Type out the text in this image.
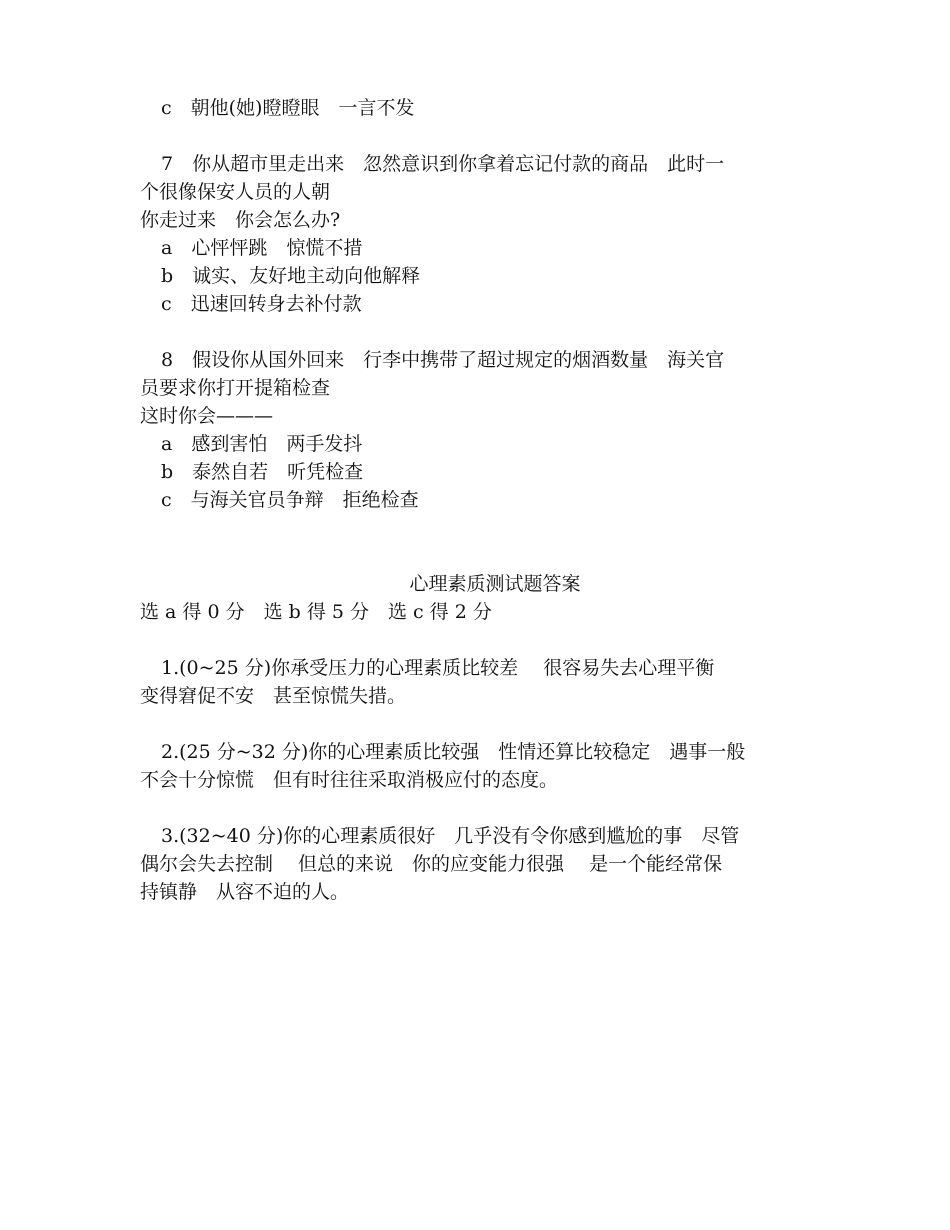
c　朝他(她)瞪瞪眼　一言不发
7　你从超市里走出来　忽然意识到你拿着忘记付款的商品　此时一
个很像保安人员的人朝
你走过来　你会怎么办?
a　心怦怦跳　惊慌不措
b　诚实、友好地主动向他解释
c　迅速回转身去补付款
8　假设你从国外回来　行李中携带了超过规定的烟酒数量　海关官
员要求你打开提箱检查
这时你会———
a　感到害怕　两手发抖
b　泰然自若　听凭检查
c　与海关官员争辩　拒绝检查
心理素质测试题答案
选 a 得 0 分　选 b 得 5 分　选 c 得 2 分
1.(0~25 分)你承受压力的心理素质比较差　 很容易失去心理平衡
变得窘促不安　甚至惊慌失措。
2.(25 分~32 分)你的心理素质比较强　性情还算比较稳定　遇事一般
不会十分惊慌　但有时往往采取消极应付的态度。
3.(32~40 分)你的心理素质很好　几乎没有令你感到尴尬的事　尽管
偶尔会失去控制　 但总的来说　你的应变能力很强　 是一个能经常保
持镇静　从容不迫的人。
